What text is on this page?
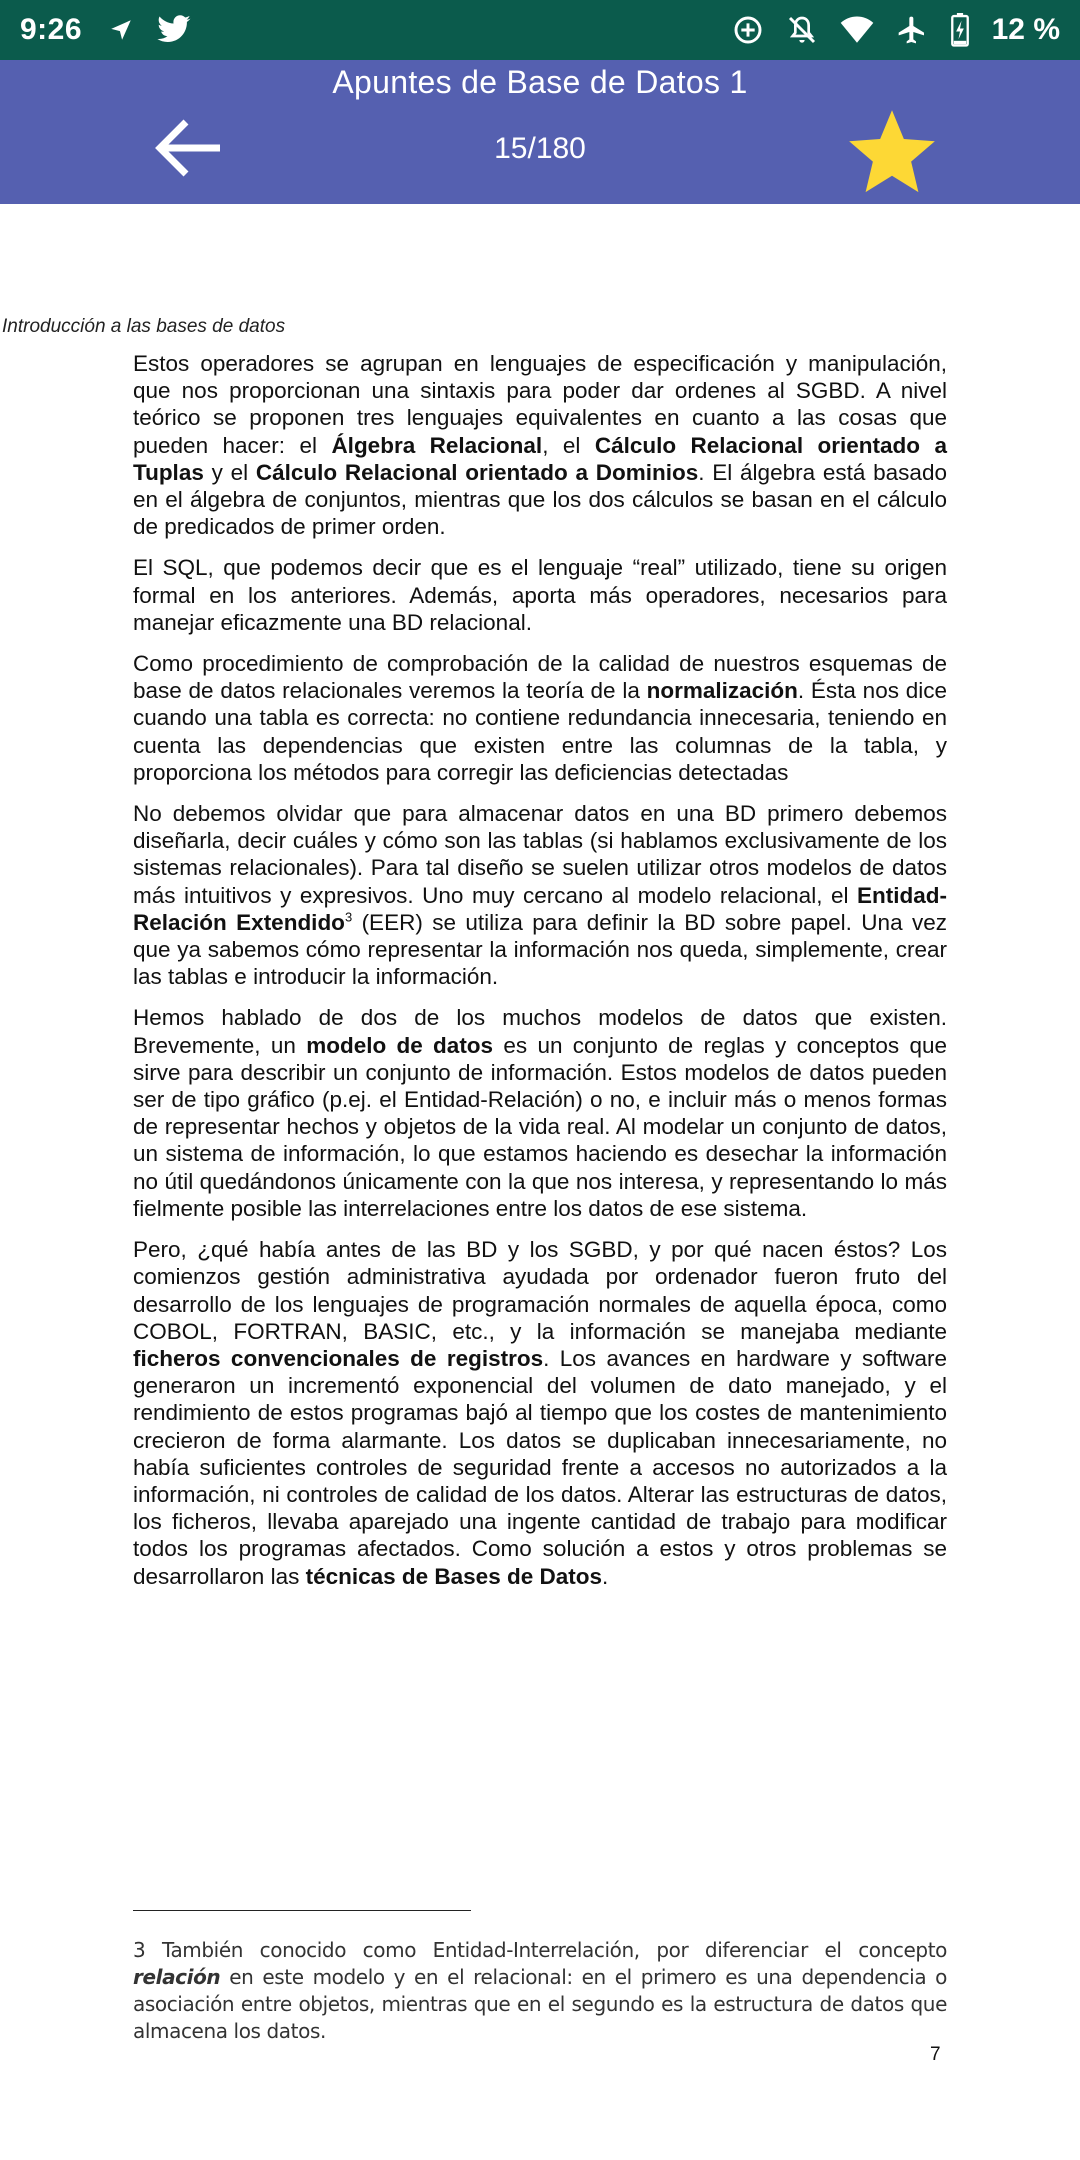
9:26	12 %
Apuntes de Base de Datos 1
15/180
Introducción a las bases de datos

Estos operadores se agrupan en lenguajes de especificación y manipulación, que nos proporcionan una sintaxis para poder dar ordenes al SGBD. A nivel teórico se proponen tres lenguajes equivalentes en cuanto a las cosas que pueden hacer: el Álgebra Relacional, el Cálculo Relacional orientado a Tuplas y el Cálculo Relacional orientado a Dominios. El álgebra está basado en el álgebra de conjuntos, mientras que los dos cálculos se basan en el cálculo de predicados de primer orden.

El SQL, que podemos decir que es el lenguaje “real” utilizado, tiene su origen formal en los anteriores. Además, aporta más operadores, necesarios para manejar eficazmente una BD relacional.

Como procedimiento de comprobación de la calidad de nuestros esquemas de base de datos relacionales veremos la teoría de la normalización. Ésta nos dice cuando una tabla es correcta: no contiene redundancia innecesaria, teniendo en cuenta las dependencias que existen entre las columnas de la tabla, y proporciona los métodos para corregir las deficiencias detectadas

No debemos olvidar que para almacenar datos en una BD primero debemos diseñarla, decir cuáles y cómo son las tablas (si hablamos exclusivamente de los sistemas relacionales). Para tal diseño se suelen utilizar otros modelos de datos más intuitivos y expresivos. Uno muy cercano al modelo relacional, el Entidad-Relación Extendido$^3$ (EER) se utiliza para definir la BD sobre papel. Una vez que ya sabemos cómo representar la información nos queda, simplemente, crear las tablas e introducir la información.

Hemos hablado de dos de los muchos modelos de datos que existen. Brevemente, un modelo de datos es un conjunto de reglas y conceptos que sirve para describir un conjunto de información. Estos modelos de datos pueden ser de tipo gráfico (p.ej. el Entidad-Relación) o no, e incluir más o menos formas de representar hechos y objetos de la vida real. Al modelar un conjunto de datos, un sistema de información, lo que estamos haciendo es desechar la información no útil quedándonos únicamente con la que nos interesa, y representando lo más fielmente posible las interrelaciones entre los datos de ese sistema.

Pero, ¿qué había antes de las BD y los SGBD, y por qué nacen éstos? Los comienzos gestión administrativa ayudada por ordenador fueron fruto del desarrollo de los lenguajes de programación normales de aquella época, como COBOL, FORTRAN, BASIC, etc., y la información se manejaba mediante ficheros convencionales de registros. Los avances en hardware y software generaron un incrementó exponencial del volumen de dato manejado, y el rendimiento de estos programas bajó al tiempo que los costes de mantenimiento crecieron de forma alarmante. Los datos se duplicaban innecesariamente, no había suficientes controles de seguridad frente a accesos no autorizados a la información, ni controles de calidad de los datos. Alterar las estructuras de datos, los ficheros, llevaba aparejado una ingente cantidad de trabajo para modificar todos los programas afectados. Como solución a estos y otros problemas se desarrollaron las técnicas de Bases de Datos.

3 También conocido como Entidad-Interrelación, por diferenciar el concepto relación en este modelo y en el relacional: en el primero es una dependencia o asociación entre objetos, mientras que en el segundo es la estructura de datos que almacena los datos.
7
